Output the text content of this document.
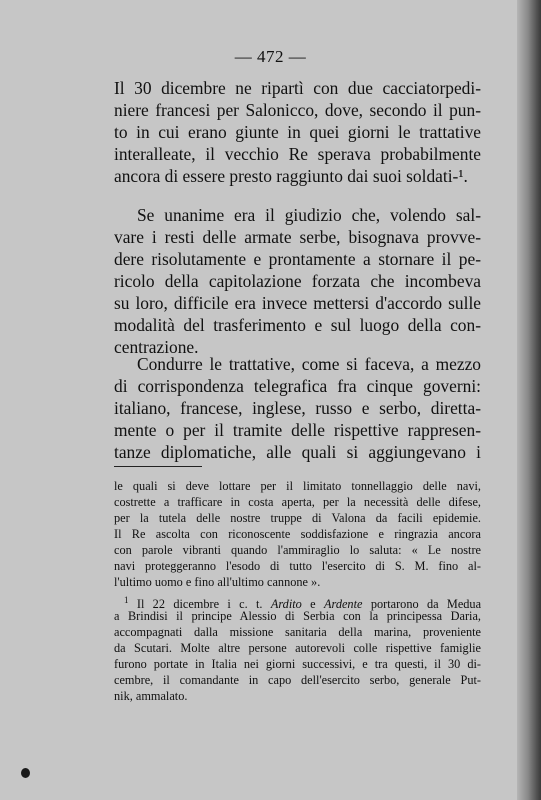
— 472 —
Il 30 dicembre ne ripartì con due cacciatorpedi-
niere francesi per Salonicco, dove, secondo il pun-
to in cui erano giunte in quei giorni le trattative
interalleate, il vecchio Re sperava probabilmente
ancora di essere presto raggiunto dai suoi soldati-¹.
Se unanime era il giudizio che, volendo sal-
vare i resti delle armate serbe, bisognava provve-
dere risolutamente e prontamente a stornare il pe-
ricolo della capitolazione forzata che incombeva
su loro, difficile era invece mettersi d'accordo sulle
modalità del trasferimento e sul luogo della con-
centrazione.
Condurre le trattative, come si faceva, a mezzo
di corrispondenza telegrafica fra cinque governi:
italiano, francese, inglese, russo e serbo, diretta-
mente o per il tramite delle rispettive rappresen-
tanze diplomatiche, alle quali si aggiungevano i
le quali si deve lottare per il limitato tonnellaggio delle navi,
costrette a trafficare in costa aperta, per la necessità delle difese,
per la tutela delle nostre truppe di Valona da facili epidemie.
Il Re ascolta con riconoscente soddisfazione e ringrazia ancora
con parole vibranti quando l'ammiraglio lo saluta: « Le nostre
navi proteggeranno l'esodo di tutto l'esercito di S. M. fino al-
l'ultimo uomo e fino all'ultimo cannone ».
$^1$ Il 22 dicembre i c. t. Ardito e Ardente portarono da Medua
a Brindisi il principe Alessio di Serbia con la principessa Daria,
accompagnati dalla missione sanitaria della marina, proveniente
da Scutari. Molte altre persone autorevoli colle rispettive famiglie
furono portate in Italia nei giorni successivi, e tra questi, il 30 di-
cembre, il comandante in capo dell'esercito serbo, generale Put-
nik, ammalato.
